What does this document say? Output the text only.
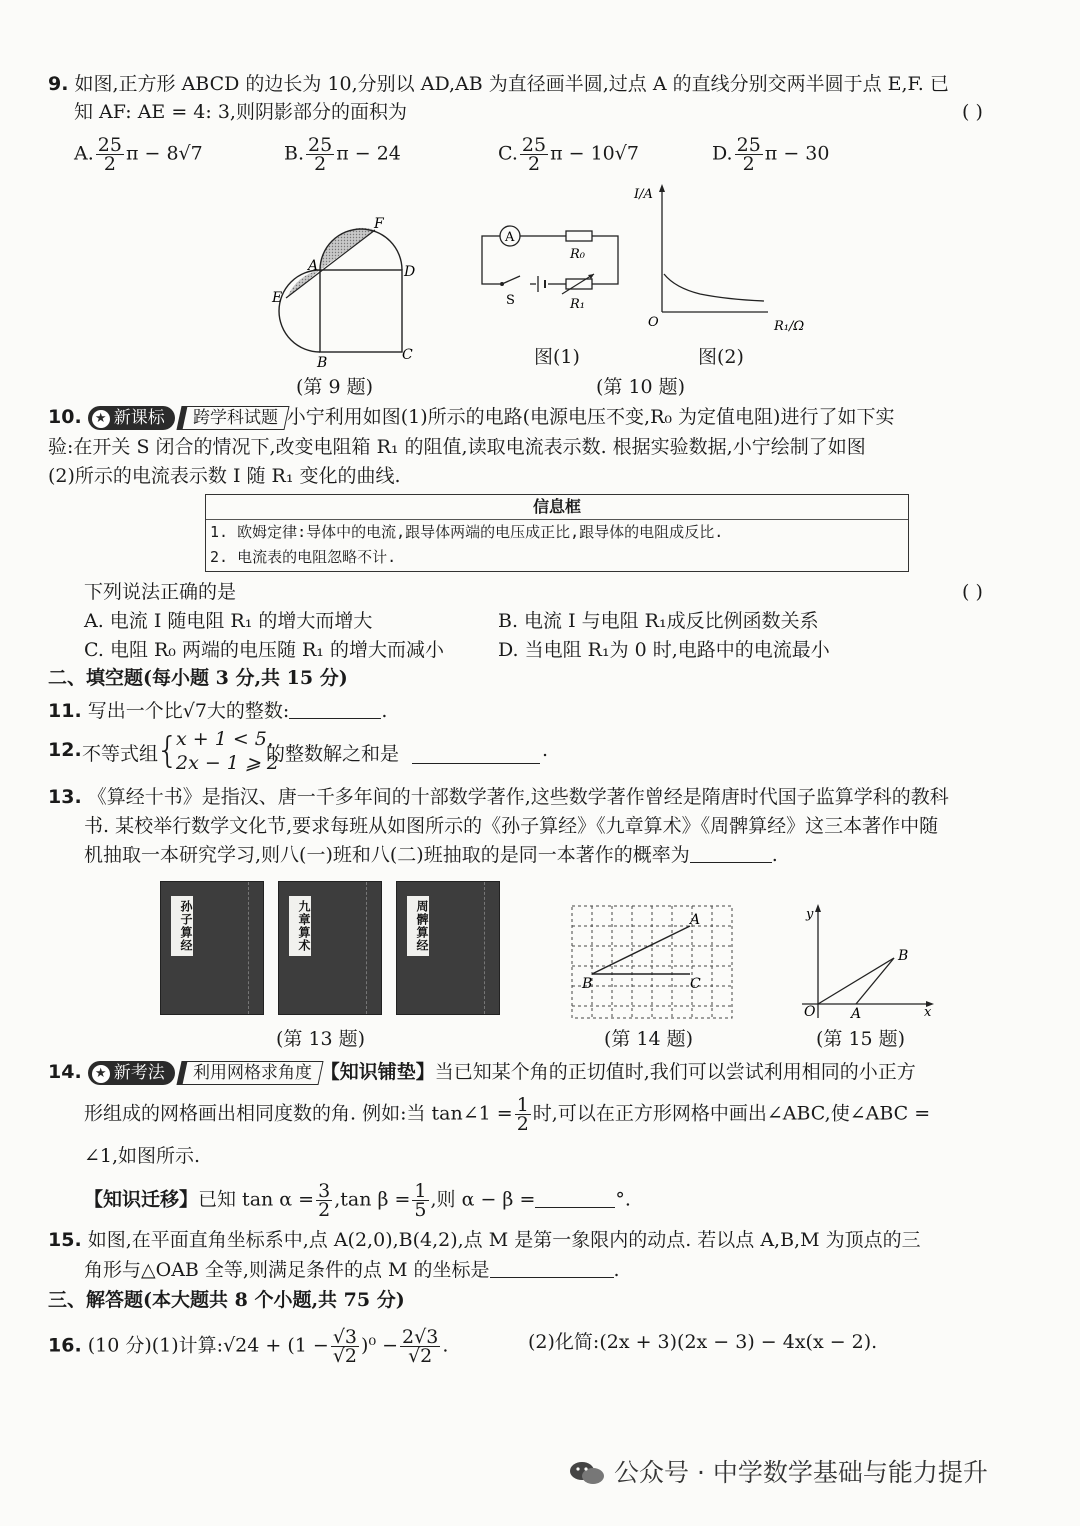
9. 如图,正方形 ABCD 的边长为 10,分别以 AD,AB 为直径画半圆,过点 A 的直线分别交两半圆于点 E,F. 已
知 AF: AE = 4: 3,则阴影部分的面积为	( )
A. $\frac{25}{2}$ π − 8√7	B. $\frac{25}{2}$ π − 24	C. $\frac{25}{2}$ π − 10√7	D. $\frac{25}{2}$ π − 30
F
A	D
E
B	C
(第 9 题)
A
R₀
S	R₁
图(1)
I/A
O	R₁/Ω
图(2)
(第 10 题)
10. ★ 新课标 跨学科试题 小宁利用如图(1)所示的电路(电源电压不变,R₀ 为定值电阻)进行了如下实
验:在开关 S 闭合的情况下,改变电阻箱 R₁ 的阻值,读取电流表示数. 根据实验数据,小宁绘制了如图
(2)所示的电流表示数 I 随 R₁ 变化的曲线.
信息框
1. 欧姆定律:导体中的电流,跟导体两端的电压成正比,跟导体的电阻成反比.
2. 电流表的电阻忽略不计.
下列说法正确的是	( )
A. 电流 I 随电阻 R₁ 的增大而增大	B. 电流 I 与电阻 R₁成反比例函数关系
C. 电阻 R₀ 两端的电压随 R₁ 的增大而减小	D. 当电阻 R₁为 0 时,电路中的电流最小
二、填空题(每小题 3 分,共 15 分)
11. 写出一个比√7大的整数:	.
12. 不等式组
{
x + 1 < 5,
2x − 1 ⩾ 2
的整数解之和是	.
13. 《算经十书》是指汉、唐一千多年间的十部数学著作,这些数学著作曾经是隋唐时代国子监算学科的教科
书. 某校举行数学文化节,要求每班从如图所示的《孙子算经》《九章算术》《周髀算经》这三本著作中随
机抽取一本研究学习,则八(一)班和八(二)班抽取的是同一本著作的概率为	.
孙子算经	九章算术	周髀算经
(第 13 题)
A
B	C
(第 14 题)
y
x
O	A
B
(第 15 题)
14. ★ 新考法 利用网格求角度 【知识铺垫】当已知某个角的正切值时,我们可以尝试利用相同的小正方
形组成的网格画出相同度数的角. 例如:当 tan∠1 = $\frac{1}{2}$ 时,可以在正方形网格中画出∠ABC,使∠ABC =
∠1,如图所示.
【知识迁移】已知 $\tan \alpha = \frac{3}{2} ,\tan$ $\beta = \frac{1}{5}$ ,则 α − β =	°.
15. 如图,在平面直角坐标系中,点 A(2,0),B(4,2),点 M 是第一象限内的动点. 若以点 A,B,M 为顶点的三
角形与△OAB 全等,则满足条件的点 M 的坐标是	.
三、解答题(本大题共 8 个小题,共 75 分)
16. (10 分)(1)计算:√24 + $(1 - \frac{√3}{√2} )^0 - \frac{2√3}{√2}$ .	(2)化简:(2x + 3)(2x − 3) − 4x(x − 2).
公众号 · 中学数学基础与能力提升
